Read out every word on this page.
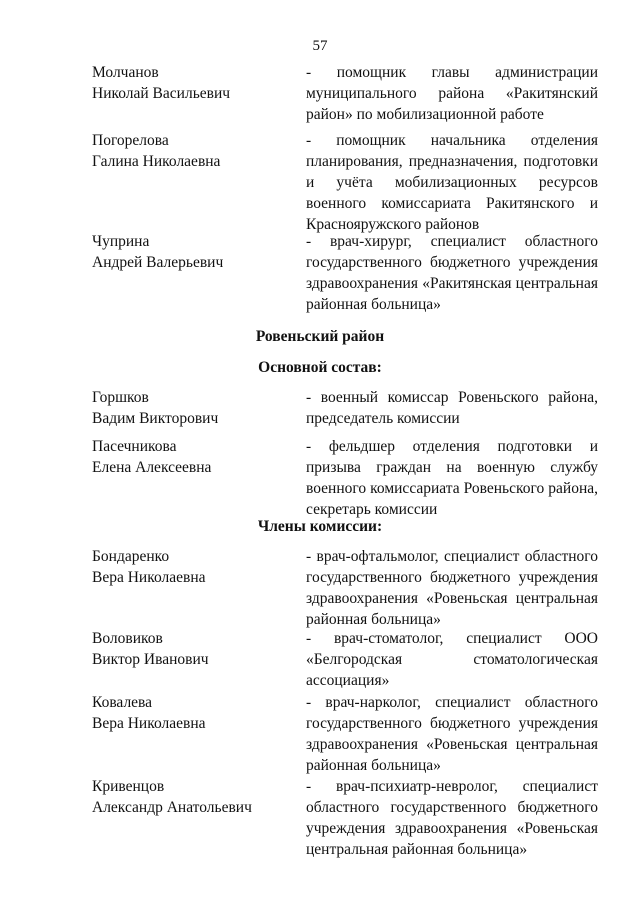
57
Молчанов
Николай Васильевич
- помощник главы администрации муниципального района «Ракитянский район» по мобилизационной работе
Погорелова
Галина Николаевна
- помощник начальника отделения планирования, предназначения, подготовки и учёта мобилизационных ресурсов военного комиссариата Ракитянского и Краснояружского районов
Чуприна
Андрей Валерьевич
- врач-хирург, специалист областного государственного бюджетного учреждения здравоохранения «Ракитянская центральная районная больница»
Ровеньский район
Основной состав:
Горшков
Вадим Викторович
- военный комиссар Ровеньского района, председатель комиссии
Пасечникова
Елена Алексеевна
- фельдшер отделения подготовки и призыва граждан на военную службу военного комиссариата Ровеньского района, секретарь комиссии
Члены комиссии:
Бондаренко
Вера Николаевна
- врач-офтальмолог, специалист областного государственного бюджетного учреждения здравоохранения «Ровеньская центральная районная больница»
Воловиков
Виктор Иванович
- врач-стоматолог, специалист ООО «Белгородская стоматологическая ассоциация»
Ковалева
Вера Николаевна
- врач-нарколог, специалист областного государственного бюджетного учреждения здравоохранения «Ровеньская центральная районная больница»
Кривенцов
Александр Анатольевич
- врач-психиатр-невролог, специалист областного государственного бюджетного учреждения здравоохранения «Ровеньская центральная районная больница»
